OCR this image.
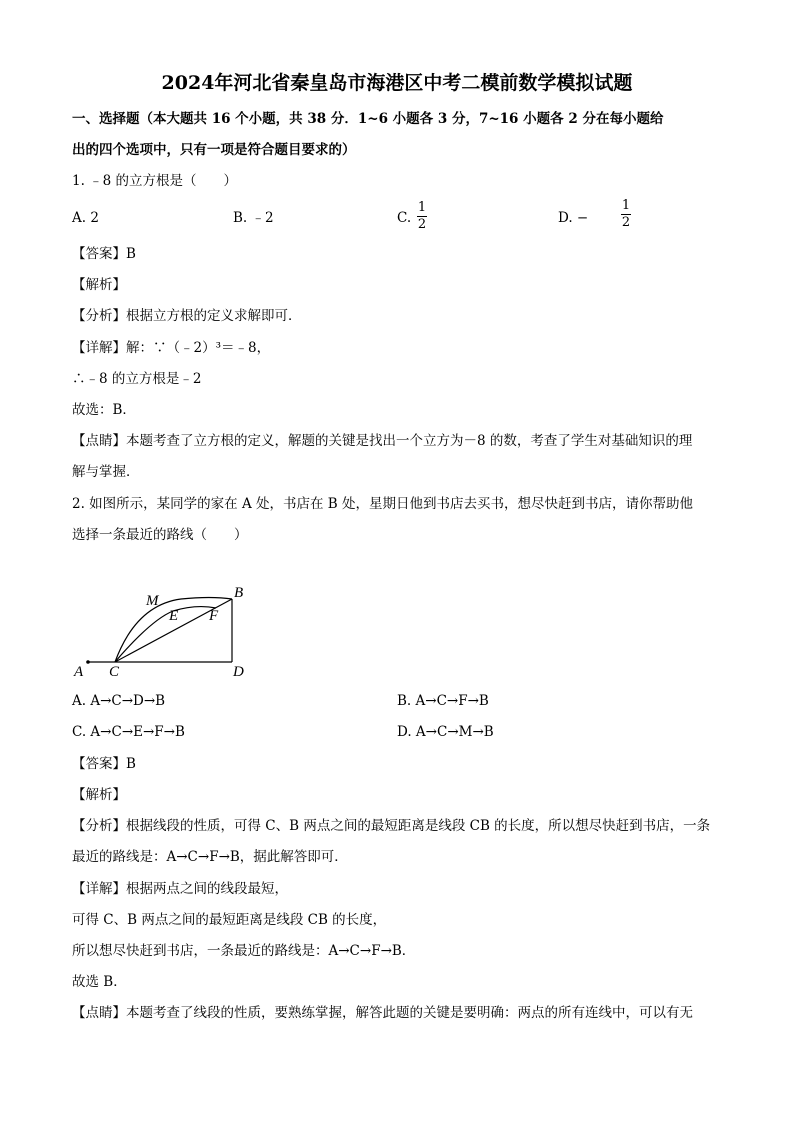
2024年河北省秦皇岛市海港区中考二模前数学模拟试题
一、选择题（本大题共 16 个小题，共 38 分．1~6 小题各 3 分，7~16 小题各 2 分在每小题给
出的四个选项中，只有一项是符合题目要求的）
1. ﹣8 的立方根是（　　）
A. 2	B. ﹣2	C.
1
2	D. −
1
2
【答案】B
【解析】
【分析】根据立方根的定义求解即可．
【详解】解：∵（﹣2）³＝﹣8，
∴﹣8 的立方根是﹣2
故选：B．
【点睛】本题考查了立方根的定义，解题的关键是找出一个立方为－8 的数，考查了学生对基础知识的理
解与掌握．
2. 如图所示，某同学的家在 A 处，书店在 B 处，星期日他到书店去买书，想尽快赶到书店，请你帮助他
选择一条最近的路线（　　）
A C	D
B
M
E F
A. A→C→D→B	B. A→C→F→B
C. A→C→E→F→B	D. A→C→M→B
【答案】B
【解析】
【分析】根据线段的性质，可得 C、B 两点之间的最短距离是线段 CB 的长度，所以想尽快赶到书店，一条
最近的路线是：A→C→F→B，据此解答即可．
【详解】根据两点之间的线段最短，
可得 C、B 两点之间的最短距离是线段 CB 的长度，
所以想尽快赶到书店，一条最近的路线是：A→C→F→B．
故选 B．
【点睛】本题考查了线段的性质，要熟练掌握，解答此题的关键是要明确：两点的所有连线中，可以有无
